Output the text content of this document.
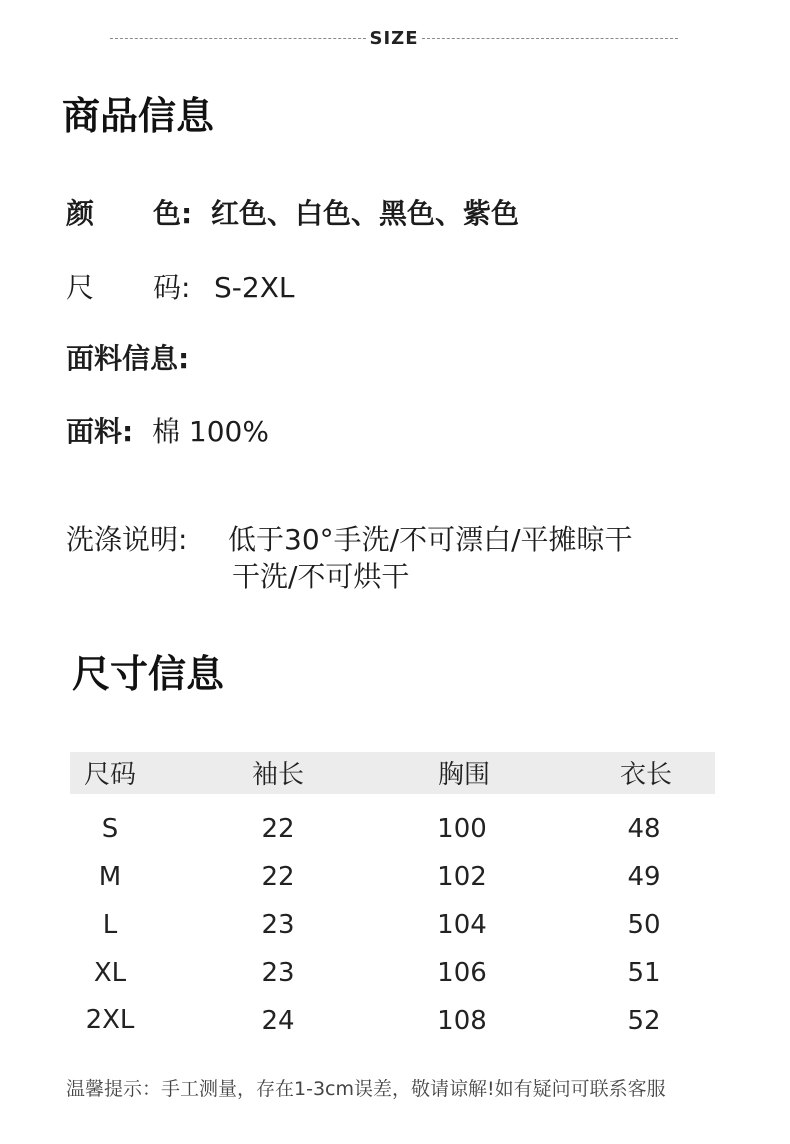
SIZE
商品信息
颜 色: 红色、白色、黑色、紫色
尺 码: S-2XL
面料信息:
面料: 棉 100%
洗涤说明: 低于30°手洗/不可漂白/平摊晾干
干洗/不可烘干
尺寸信息
尺码	袖长	胸围	衣长
S	22	100	48
M	22	102	49
L	23	104	50
XL	23	106	51
2XL	24	108	52
温馨提示：手工测量，存在1-3cm误差，敬请谅解!如有疑问可联系客服
